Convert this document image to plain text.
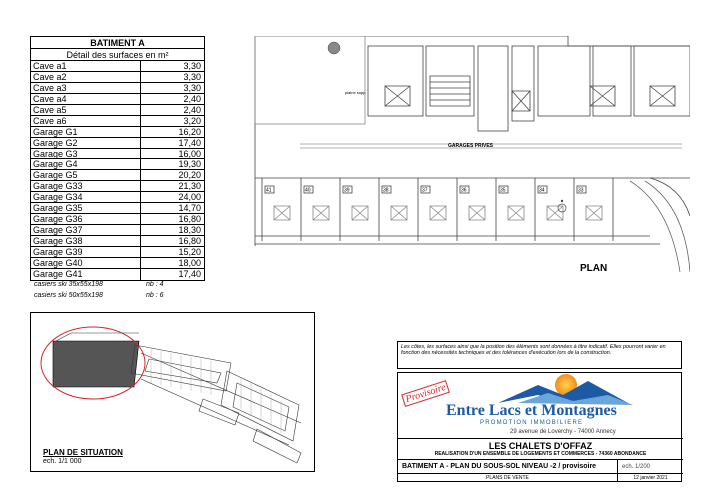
BATIMENT A
Détail des surfaces en m²
Cave a1	3,30
Cave a2	3,30
Cave a3	3,30
Cave a4	2,40
Cave a5	2,40
Cave a6	3,20
Garage G1	16,20
Garage G2	17,40
Garage G3	16,00
Garage G4	19,30
Garage G5	20,20
Garage G33	21,30
Garage G34	24,00
Garage G35	14,70
Garage G36	16,80
Garage G37	18,30
Garage G38	16,80
Garage G39	15,20
Garage G40	18,00
Garage G41	17,40
casiers ski 35x55x198	nb : 4
casiers ski 50x55x198	nb : 6
41	40	39	38	37	36	35	34	33
plaine supp
GARAGES PRIVES
PLAN
PLAN DE SITUATION
ech. 1/1 000
Les côtes, les surfaces ainsi que la position des éléments sont données à titre indicatif. Elles pourront varier en fonction des nécessités techniques et des tolérances d'exécution lors de la construction.
Provisoire
Entre Lacs et Montagnes
PROMOTION IMMOBILIERE
29 avenue de Loverchy - 74000 Annecy
LES CHALETS D'OFFAZ
REALISATION D'UN ENSEMBLE DE LOGEMENTS ET COMMERCES - 74360 ABONDANCE
BATIMENT A - PLAN DU SOUS-SOL NIVEAU -2 / provisoire	ech. 1/200
PLANS DE VENTE	12 janvier 2021
